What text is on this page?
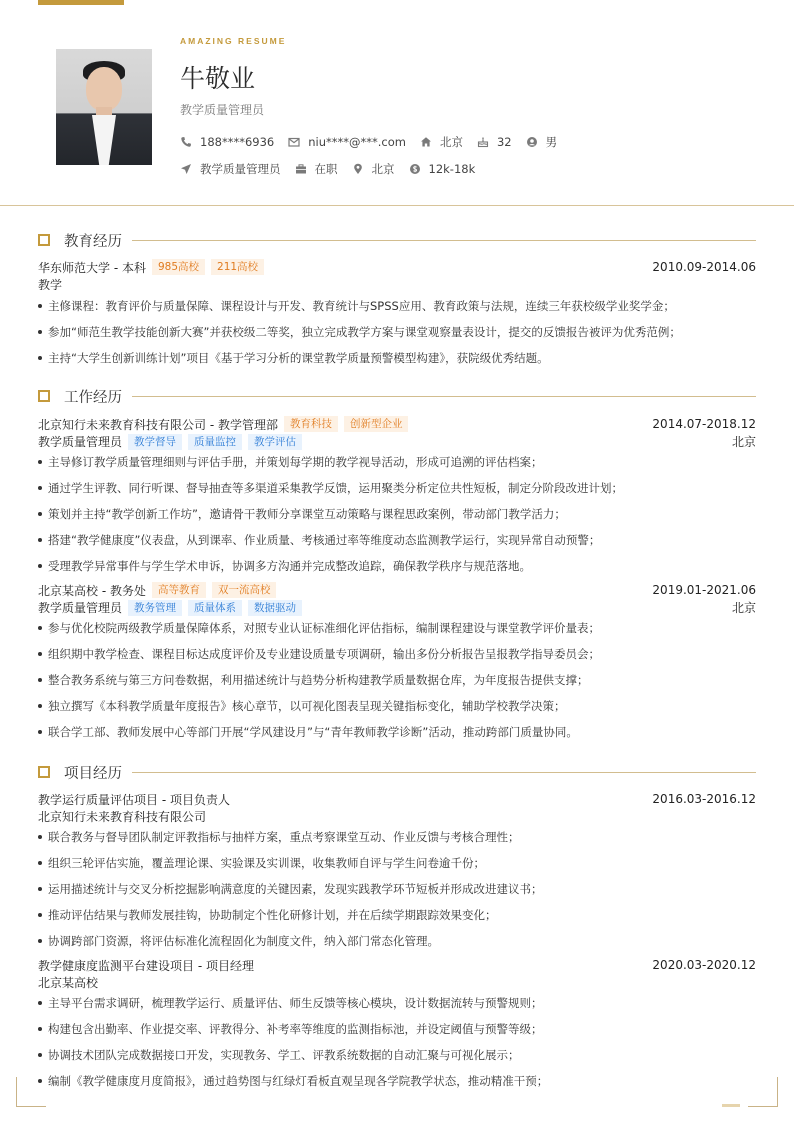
AMAZING RESUME
牛敬业
教学质量管理员
188****6936	niu****@***.com	北京	32	男
教学质量管理员	在职	北京	12k-18k
教育经历
华东师范大学 - 本科	985高校	211高校	2010.09-2014.06
教学
主修课程：教育评价与质量保障、课程设计与开发、教育统计与SPSS应用、教育政策与法规，连续三年获校级学业奖学金；
参加“师范生教学技能创新大赛”并获校级二等奖，独立完成教学方案与课堂观察量表设计，提交的反馈报告被评为优秀范例；
主持“大学生创新训练计划”项目《基于学习分析的课堂教学质量预警模型构建》，获院级优秀结题。
工作经历
北京知行未来教育科技有限公司 - 教学管理部	教育科技	创新型企业	2014.07-2018.12
教学质量管理员	教学督导	质量监控	教学评估	北京
主导修订教学质量管理细则与评估手册，并策划每学期的教学视导活动，形成可追溯的评估档案；
通过学生评教、同行听课、督导抽查等多渠道采集教学反馈，运用聚类分析定位共性短板，制定分阶段改进计划；
策划并主持“教学创新工作坊”，邀请骨干教师分享课堂互动策略与课程思政案例，带动部门教学活力；
搭建“教学健康度”仪表盘，从到课率、作业质量、考核通过率等维度动态监测教学运行，实现异常自动预警；
受理教学异常事件与学生学术申诉，协调多方沟通并完成整改追踪，确保教学秩序与规范落地。
北京某高校 - 教务处	高等教育	双一流高校	2019.01-2021.06
教学质量管理员	教务管理	质量体系	数据驱动	北京
参与优化校院两级教学质量保障体系，对照专业认证标准细化评估指标，编制课程建设与课堂教学评价量表；
组织期中教学检查、课程目标达成度评价及专业建设质量专项调研，输出多份分析报告呈报教学指导委员会；
整合教务系统与第三方问卷数据，利用描述统计与趋势分析构建教学质量数据仓库，为年度报告提供支撑；
独立撰写《本科教学质量年度报告》核心章节，以可视化图表呈现关键指标变化，辅助学校教学决策；
联合学工部、教师发展中心等部门开展“学风建设月”与“青年教师教学诊断”活动，推动跨部门质量协同。
项目经历
教学运行质量评估项目 - 项目负责人	2016.03-2016.12
北京知行未来教育科技有限公司
联合教务与督导团队制定评教指标与抽样方案，重点考察课堂互动、作业反馈与考核合理性；
组织三轮评估实施，覆盖理论课、实验课及实训课，收集教师自评与学生问卷逾千份；
运用描述统计与交叉分析挖掘影响满意度的关键因素，发现实践教学环节短板并形成改进建议书；
推动评估结果与教师发展挂钩，协助制定个性化研修计划，并在后续学期跟踪效果变化；
协调跨部门资源，将评估标准化流程固化为制度文件，纳入部门常态化管理。
教学健康度监测平台建设项目 - 项目经理	2020.03-2020.12
北京某高校
主导平台需求调研，梳理教学运行、质量评估、师生反馈等核心模块，设计数据流转与预警规则；
构建包含出勤率、作业提交率、评教得分、补考率等维度的监测指标池，并设定阈值与预警等级；
协调技术团队完成数据接口开发，实现教务、学工、评教系统数据的自动汇聚与可视化展示；
编制《教学健康度月度简报》，通过趋势图与红绿灯看板直观呈现各学院教学状态，推动精准干预；
